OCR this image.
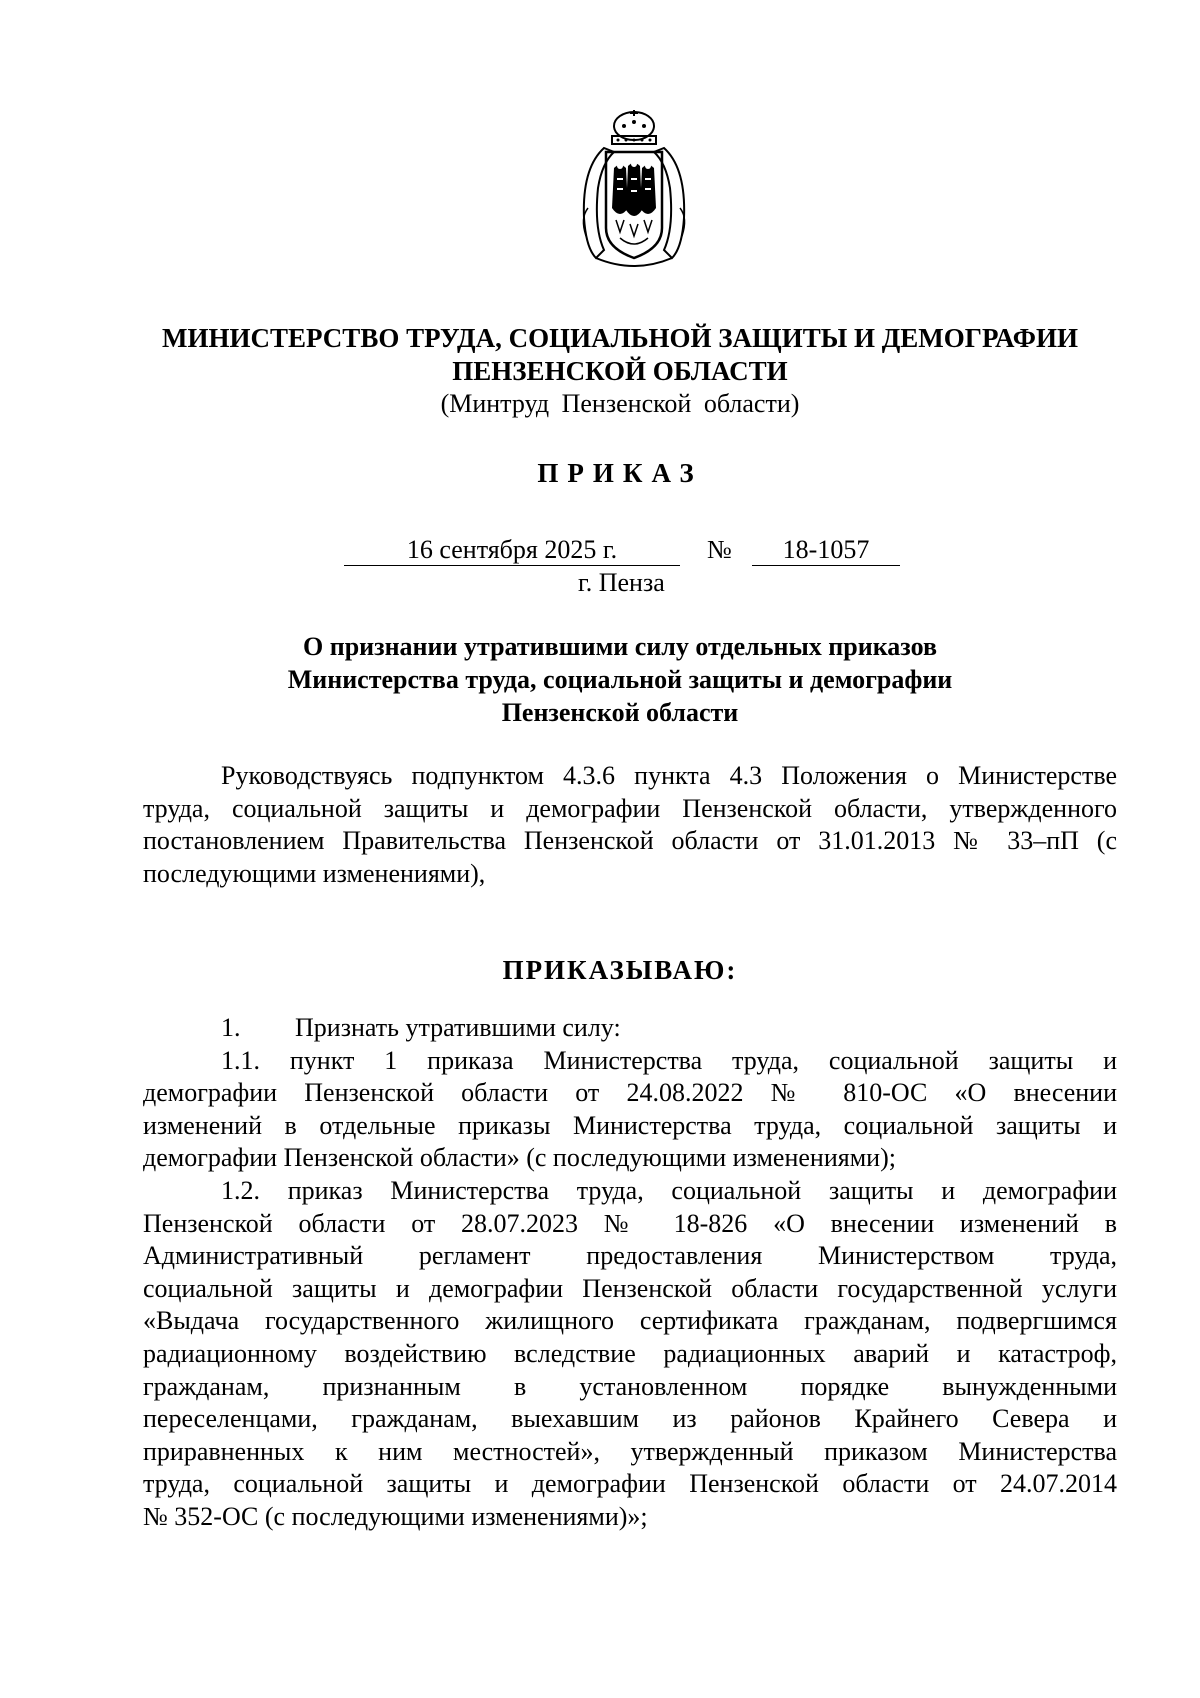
МИНИСТЕРСТВО ТРУДА, СОЦИАЛЬНОЙ ЗАЩИТЫ И ДЕМОГРАФИИ
ПЕНЗЕНСКОЙ ОБЛАСТИ
(Минтруд Пензенской области)
ПРИКАЗ
16 сентября 2025 г.	№	18-1057
г. Пенза
О признании утратившими силу отдельных приказов
Министерства труда, социальной защиты и демографии
Пензенской области
Руководствуясь подпунктом 4.3.6 пункта 4.3 Положения о Министерстве
труда, социальной защиты и демографии Пензенской области, утвержденного
постановлением Правительства Пензенской области от 31.01.2013 № 33–пП (с
последующими изменениями),
ПРИКАЗЫВАЮ:
1. Признать утратившими силу:
1.1. пункт 1 приказа Министерства труда, социальной защиты и
демографии Пензенской области от 24.08.2022 № 810-ОС «О внесении
изменений в отдельные приказы Министерства труда, социальной защиты и
демографии Пензенской области» (с последующими изменениями);
1.2. приказ Министерства труда, социальной защиты и демографии
Пензенской области от 28.07.2023 № 18-826 «О внесении изменений в
Административный регламент предоставления Министерством труда,
социальной защиты и демографии Пензенской области государственной услуги
«Выдача государственного жилищного сертификата гражданам, подвергшимся
радиационному воздействию вследствие радиационных аварий и катастроф,
гражданам, признанным в установленном порядке вынужденными
переселенцами, гражданам, выехавшим из районов Крайнего Севера и
приравненных к ним местностей», утвержденный приказом Министерства
труда, социальной защиты и демографии Пензенской области от 24.07.2014
№ 352-ОС (с последующими изменениями)»;
